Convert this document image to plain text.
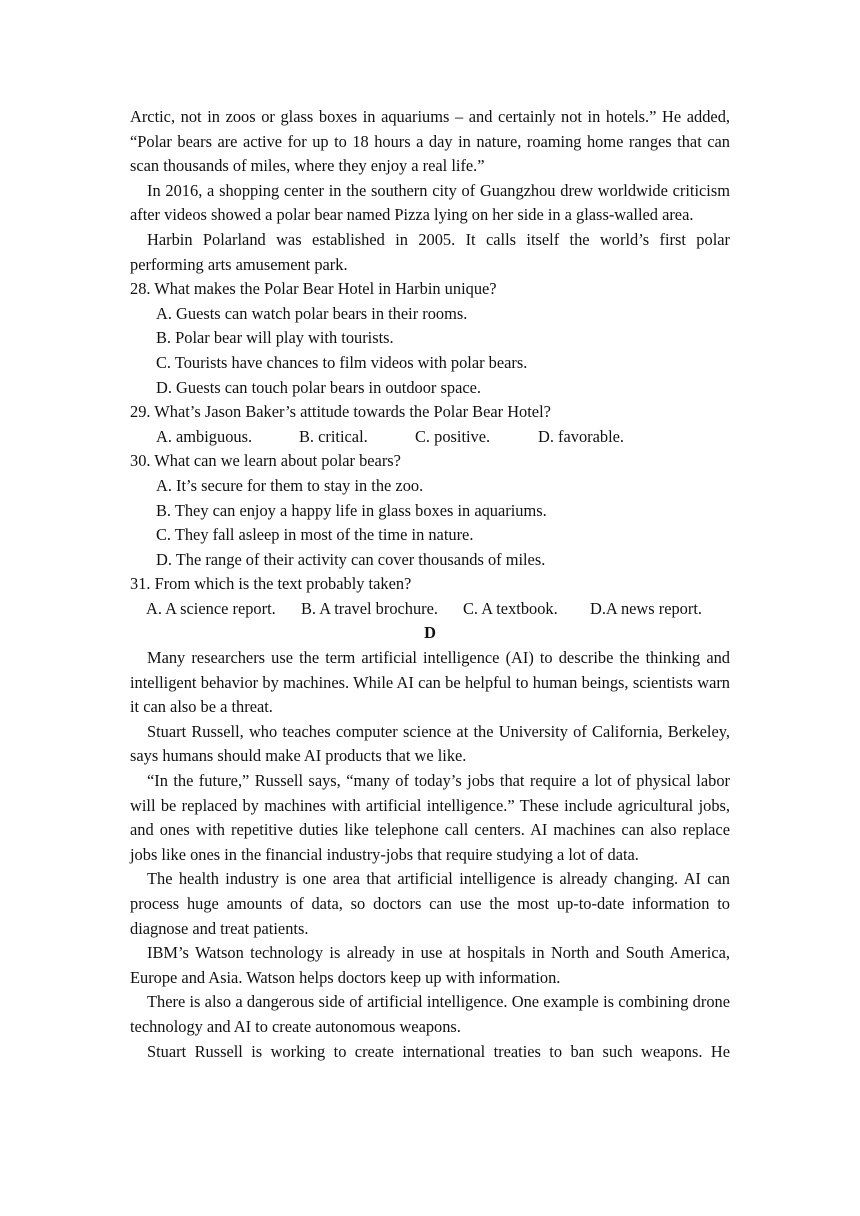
Arctic, not in zoos or glass boxes in aquariums – and certainly not in hotels.” He added, “Polar bears are active for up to 18 hours a day in nature, roaming home ranges that can scan thousands of miles, where they enjoy a real life.”

In 2016, a shopping center in the southern city of Guangzhou drew worldwide criticism after videos showed a polar bear named Pizza lying on her side in a glass-walled area.

Harbin Polarland was established in 2005. It calls itself the world’s first polar performing arts amusement park.

28. What makes the Polar Bear Hotel in Harbin unique?

A. Guests can watch polar bears in their rooms.

B. Polar bear will play with tourists.

C. Tourists have chances to film videos with polar bears.

D. Guests can touch polar bears in outdoor space.

29. What’s Jason Baker’s attitude towards the Polar Bear Hotel?

A. ambiguous.	B. critical.	C. positive.	D. favorable.

30. What can we learn about polar bears?

A. It’s secure for them to stay in the zoo.

B. They can enjoy a happy life in glass boxes in aquariums.

C. They fall asleep in most of the time in nature.

D. The range of their activity can cover thousands of miles.

31. From which is the text probably taken?

A. A science report.	B. A travel brochure.	C. A textbook.	D.A news report.

D

Many researchers use the term artificial intelligence (AI) to describe the thinking and intelligent behavior by machines. While AI can be helpful to human beings, scientists warn it can also be a threat.

Stuart Russell, who teaches computer science at the University of California, Berkeley, says humans should make AI products that we like.

“In the future,” Russell says, “many of today’s jobs that require a lot of physical labor will be replaced by machines with artificial intelligence.” These include agricultural jobs, and ones with repetitive duties like telephone call centers. AI machines can also replace jobs like ones in the financial industry-jobs that require studying a lot of data.

The health industry is one area that artificial intelligence is already changing. AI can process huge amounts of data, so doctors can use the most up-to-date information to diagnose and treat patients.

IBM’s Watson technology is already in use at hospitals in North and South America, Europe and Asia. Watson helps doctors keep up with information.

There is also a dangerous side of artificial intelligence. One example is combining drone technology and AI to create autonomous weapons.

Stuart Russell is working to create international treaties to ban such weapons. He
